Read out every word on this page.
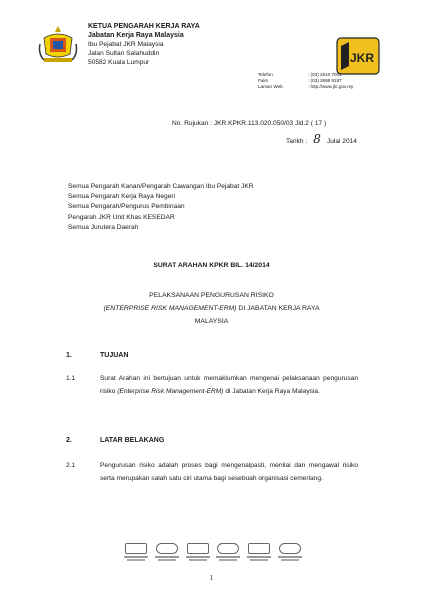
KETUA PENGARAH KERJA RAYA
Jabatan Kerja Raya Malaysia
Ibu Pejabat JKR Malaysia
Jalan Sultan Salahuddin
50582 Kuala Lumpur	JKR
Telefon	: (03) 2610 7001
Faks	: (03) 2698 8187
Laman Web	: http://www.jkr.gov.my
No. Rujukan : JKR.KPKR.113.020.050/03 Jld.2 ( 17 )
Tarikh : 8 Julai 2014
Semua Pengarah Kanan/Pengarah Cawangan Ibu Pejabat JKR
Semua Pengarah Kerja Raya Negeri
Semua Pengarah/Pengurus Pembinaan
Pengarah JKR Unit Khas KESEDAR
Semua Jurutera Daerah
SURAT ARAHAN KPKR BIL. 14/2014
PELAKSANAAN PENGURUSAN RISIKO
(ENTERPRISE RISK MANAGEMENT-ERM) DI JABATAN KERJA RAYA
MALAYSIA
1.	TUJUAN
1.1	Surat Arahan ini bertujuan untuk memaklumkan mengenai pelaksanaan pengurusan risiko (Enterprise Risk Management-ERM) di Jabatan Kerja Raya Malaysia.
2.	LATAR BELAKANG
2.1	Pengurusan risiko adalah proses bagi mengenalpasti, menilai dan mengawal risiko serta merupakan salah satu ciri utama bagi sesebuah organisasi cemerlang.
1
